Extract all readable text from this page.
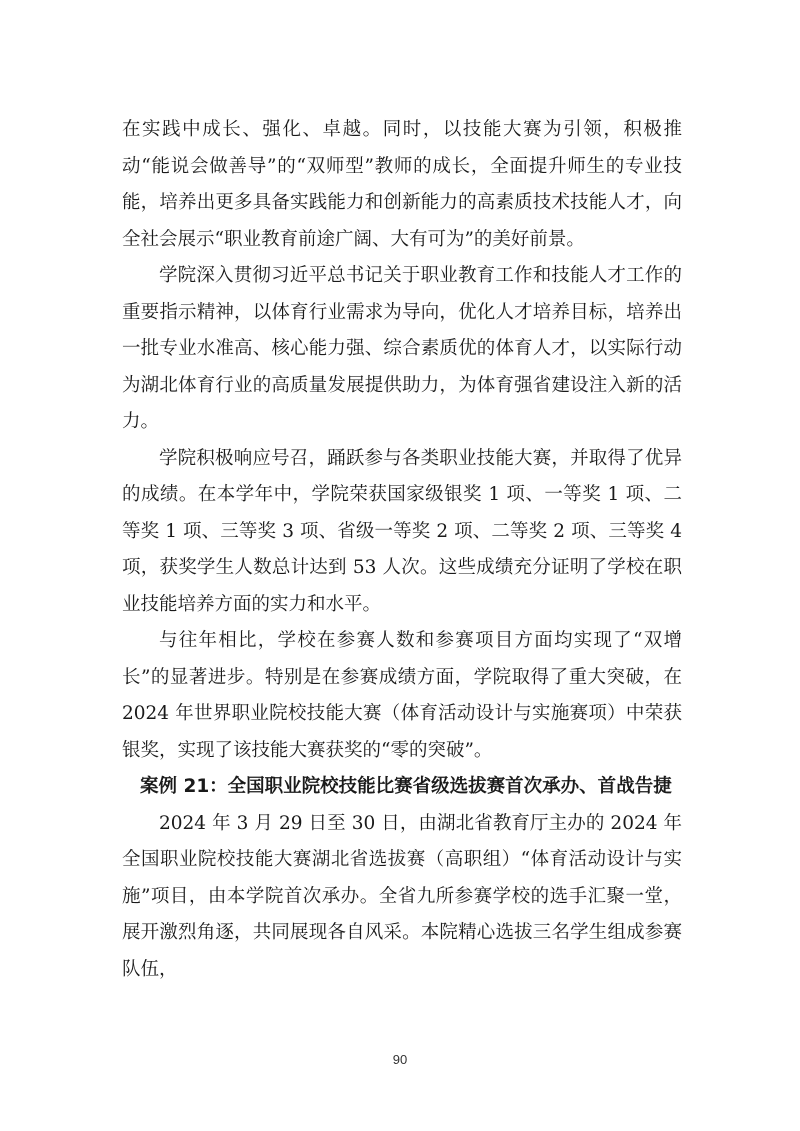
在实践中成长、强化、卓越。同时，以技能大赛为引领，积极推动“能说会做善导”的“双师型”教师的成长，全面提升师生的专业技能，培养出更多具备实践能力和创新能力的高素质技术技能人才，向全社会展示“职业教育前途广阔、大有可为”的美好前景。

学院深入贯彻习近平总书记关于职业教育工作和技能人才工作的重要指示精神，以体育行业需求为导向，优化人才培养目标，培养出一批专业水准高、核心能力强、综合素质优的体育人才，以实际行动为湖北体育行业的高质量发展提供助力，为体育强省建设注入新的活力。

学院积极响应号召，踊跃参与各类职业技能大赛，并取得了优异的成绩。在本学年中，学院荣获国家级银奖 1 项、一等奖 1 项、二等奖 1 项、三等奖 3 项、省级一等奖 2 项、二等奖 2 项、三等奖 4 项，获奖学生人数总计达到 53 人次。这些成绩充分证明了学校在职业技能培养方面的实力和水平。

与往年相比，学校在参赛人数和参赛项目方面均实现了“双增长”的显著进步。特别是在参赛成绩方面，学院取得了重大突破，在 2024 年世界职业院校技能大赛（体育活动设计与实施赛项）中荣获银奖，实现了该技能大赛获奖的“零的突破”。

案例 21：全国职业院校技能比赛省级选拔赛首次承办、首战告捷

2024 年 3 月 29 日至 30 日，由湖北省教育厅主办的 2024 年全国职业院校技能大赛湖北省选拔赛（高职组）“体育活动设计与实施”项目，由本学院首次承办。全省九所参赛学校的选手汇聚一堂，展开激烈角逐，共同展现各自风采。本院精心选拔三名学生组成参赛队伍，

90
